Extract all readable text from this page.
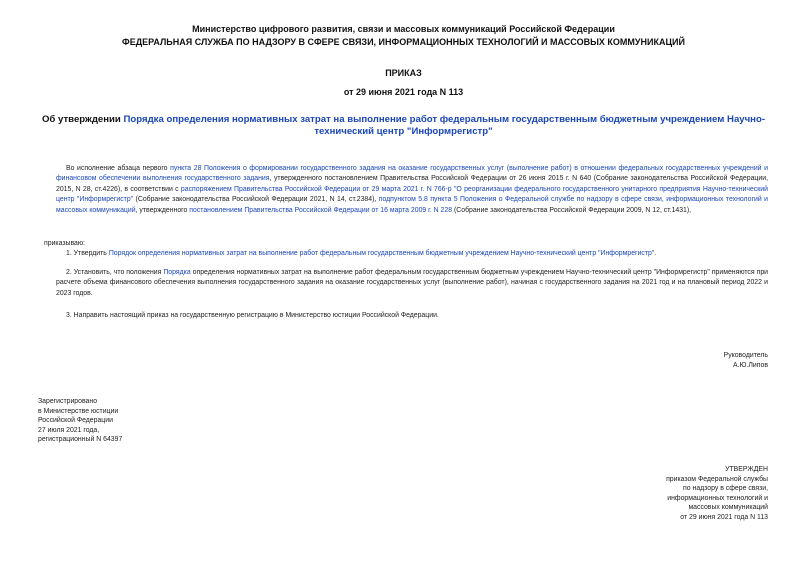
Министерство цифрового развития, связи и массовых коммуникаций Российской Федерации
ФЕДЕРАЛЬНАЯ СЛУЖБА ПО НАДЗОРУ В СФЕРЕ СВЯЗИ, ИНФОРМАЦИОННЫХ ТЕХНОЛОГИЙ И МАССОВЫХ КОММУНИКАЦИЙ
ПРИКАЗ
от 29 июня 2021 года N 113
Об утверждении Порядка определения нормативных затрат на выполнение работ федеральным государственным бюджетным учреждением Научно-технический центр "Информрегистр"
Во исполнение абзаца первого пункта 28 Положения о формировании государственного задания на оказание государственных услуг (выполнение работ) в отношении федеральных государственных учреждений и финансовом обеспечении выполнения государственного задания, утвержденного постановлением Правительства Российской Федерации от 26 июня 2015 г. N 640 (Собрание законодательства Российской Федерации, 2015, N 28, ст.4226), в соответствии с распоряжением Правительства Российской Федерации от 29 марта 2021 г. N 766-р "О реорганизации федерального государственного унитарного предприятия Научно-технический центр "Информрегистр" (Собрание законодательства Российской Федерации 2021, N 14, ст.2384), подпунктом 5.8 пункта 5 Положения о Федеральной службе по надзору в сфере связи, информационных технологий и массовых коммуникаций, утвержденного постановлением Правительства Российской Федерации от 16 марта 2009 г. N 228 (Собрание законодательства Российской Федерации 2009, N 12, ст.1431),
приказываю:
1. Утвердить Порядок определения нормативных затрат на выполнение работ федеральным государственным бюджетным учреждением Научно-технический центр "Информрегистр".
2. Установить, что положения Порядка определения нормативных затрат на выполнение работ федеральным государственным бюджетным учреждением Научно-технический центр "Информрегистр" применяются при расчете объема финансового обеспечения выполнения государственного задания на оказание государственных услуг (выполнение работ), начиная с государственного задания на 2021 год и на плановый период 2022 и 2023 годов.
3. Направить настоящий приказ на государственную регистрацию в Министерство юстиции Российской Федерации.
Руководитель
А.Ю.Липов
Зарегистрировано
в Министерстве юстиции
Российской Федерации
27 июля 2021 года,
регистрационный N 64397
УТВЕРЖДЕН
приказом Федеральной службы
по надзору в сфере связи,
информационных технологий и
массовых коммуникаций
от 29 июня 2021 года N 113
